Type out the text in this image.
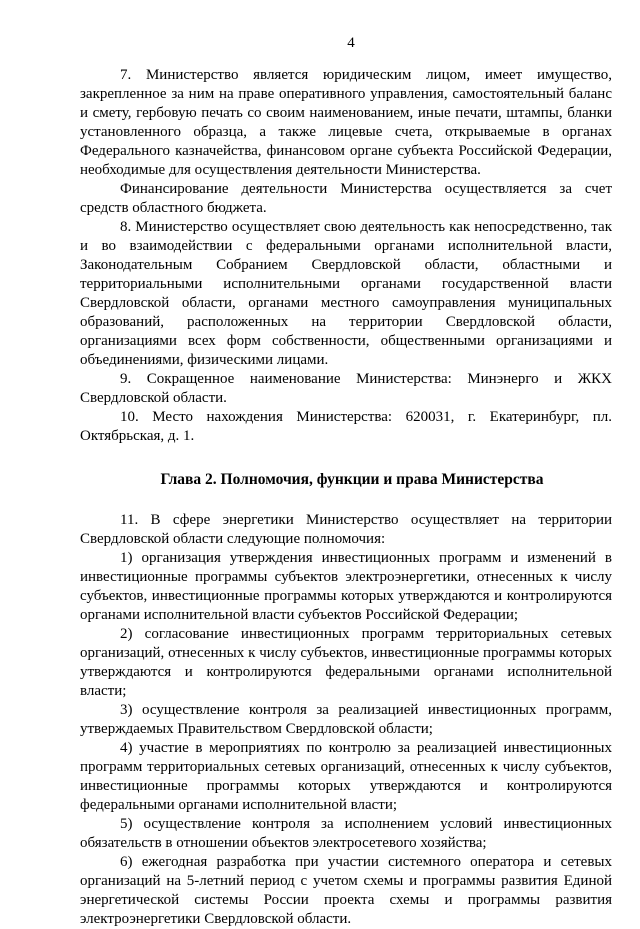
4

7. Министерство является юридическим лицом, имеет имущество, закрепленное за ним на праве оперативного управления, самостоятельный баланс и смету, гербовую печать со своим наименованием, иные печати, штампы, бланки установленного образца, а также лицевые счета, открываемые в органах Федерального казначейства, финансовом органе субъекта Российской Федерации, необходимые для осуществления деятельности Министерства.

Финансирование деятельности Министерства осуществляется за счет средств областного бюджета.

8. Министерство осуществляет свою деятельность как непосредственно, так и во взаимодействии с федеральными органами исполнительной власти, Законодательным Собранием Свердловской области, областными и территориальными исполнительными органами государственной власти Свердловской области, органами местного самоуправления муниципальных образований, расположенных на территории Свердловской области, организациями всех форм собственности, общественными организациями и объединениями, физическими лицами.

9. Сокращенное наименование Министерства: Минэнерго и ЖКХ Свердловской области.

10. Место нахождения Министерства: 620031, г. Екатеринбург, пл. Октябрьская, д. 1.

Глава 2. Полномочия, функции и права Министерства

11. В сфере энергетики Министерство осуществляет на территории Свердловской области следующие полномочия:

1) организация утверждения инвестиционных программ и изменений в инвестиционные программы субъектов электроэнергетики, отнесенных к числу субъектов, инвестиционные программы которых утверждаются и контролируются органами исполнительной власти субъектов Российской Федерации;

2) согласование инвестиционных программ территориальных сетевых организаций, отнесенных к числу субъектов, инвестиционные программы которых утверждаются и контролируются федеральными органами исполнительной власти;

3) осуществление контроля за реализацией инвестиционных программ, утверждаемых Правительством Свердловской области;

4) участие в мероприятиях по контролю за реализацией инвестиционных программ территориальных сетевых организаций, отнесенных к числу субъектов, инвестиционные программы которых утверждаются и контролируются федеральными органами исполнительной власти;

5) осуществление контроля за исполнением условий инвестиционных обязательств в отношении объектов электросетевого хозяйства;

6) ежегодная разработка при участии системного оператора и сетевых организаций на 5-летний период с учетом схемы и программы развития Единой энергетической системы России проекта схемы и программы развития электроэнергетики Свердловской области.
